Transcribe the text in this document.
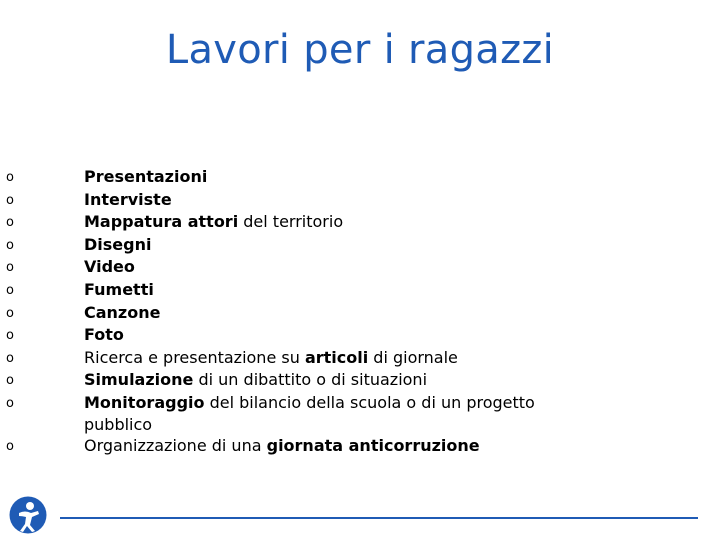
Lavori per i ragazzi
o	Presentazioni
o	Interviste
o	Mappatura attori del territorio
o	Disegni
o	Video
o	Fumetti
o	Canzone
o	Foto
o	Ricerca e presentazione su articoli di giornale
o	Simulazione di un dibattito o di situazioni
o	Monitoraggio del bilancio della scuola o di un progetto pubblico
o	Organizzazione di una giornata anticorruzione
